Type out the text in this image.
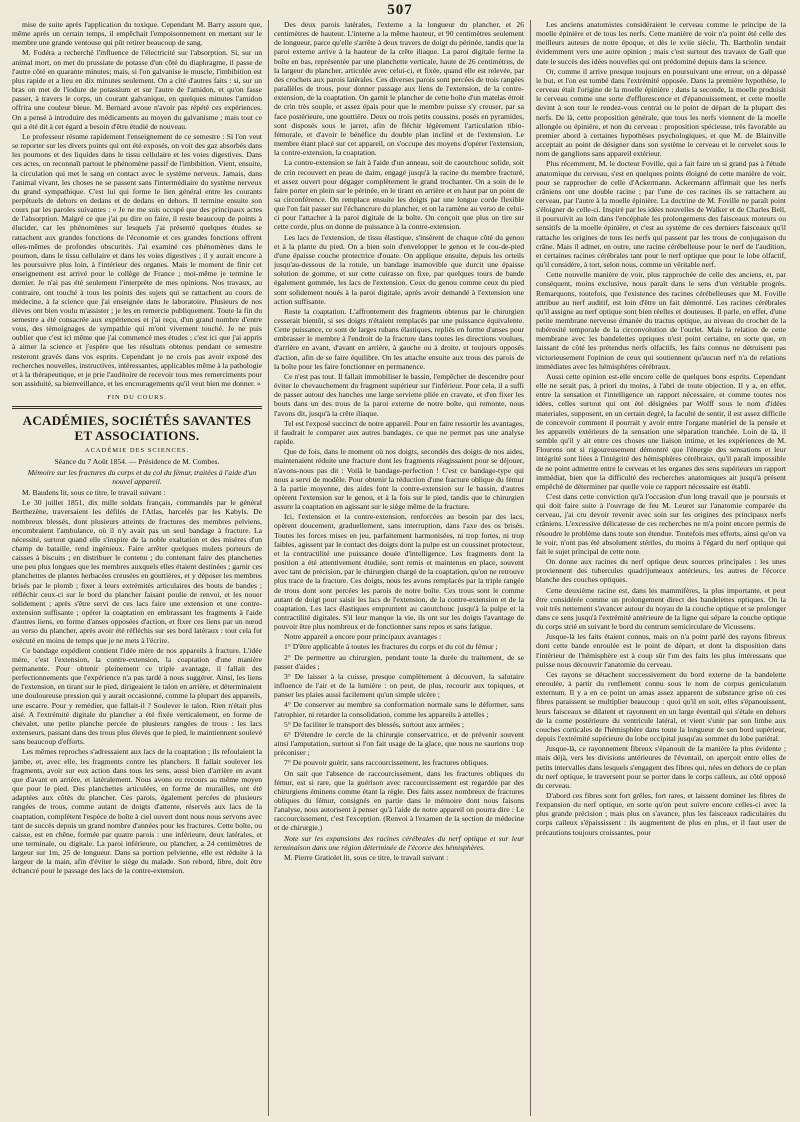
507

mise de suite après l'application du toxique. Cependant M. Barry assure que, même après un certain temps, il empêchait l'empoisonnement en mettant sur le membre une grande ventouse qui pût retirer beaucoup de sang.

M. Fodéra a recherché l'influence de l'électricité sur l'absorption. Si, sur un animal mort, on met du prussiate de potasse d'un côté du diaphragme, il passe de l'autre côté en quarante minutes; mais, si l'on galvanise le muscle, l'imbibition est plus rapide et a lieu en dix minutes seulement. On a cité d'autres faits : si, sur un bras on met de l'iodure de potassium et sur l'autre de l'amidon, et qu'on fasse passer, à travers le corps, un courant galvanique, en quelques minutes l'amidon offrira une couleur bleue. M. Bernard avoue n'avoir pas répété ces expériences. On a pensé à introduire des médicaments au moyen du galvanisme ; mais tout ce qui a été dit à cet égard a besoin d'être étudié de nouveau.

Le professeur résume rapidement l'enseignement de ce semestre : Si l'on veut se reporter sur les divers points qui ont été exposés, on voit des gaz absorbés dans les poumons et des liquides dans le tissu cellulaire et les voies digestives. Dans ces actes, on reconnaît partout le phénomène passif de l'imbibition. Vient, ensuite, la circulation qui met le sang en contact avec le système nerveux. Jamais, dans l'animal vivant, les choses ne se passent sans l'intermédiaire du système nerveux du grand sympathique. C'est lui qui forme le lien général entre les courants perpétuels de dehors en dedans et de dedans en dehors. Il termine ensuite son cours par les paroles suivantes : « Je ne me suis occupé que des principaux actes de l'absorption. Malgré ce que j'ai pu dire ou faire, il reste beaucoup de points à élucider, car les phénomènes sur lesquels j'ai présenté quelques études se rattachent aux grandes fonctions de l'économie et ces grandes fonctions offrent elles-mêmes de profondes obscurités. J'ai examiné ces phénomènes dans le poumon, dans le tissu cellulaire et dans les voies digestives ; il y aurait encore à les poursuivre plus loin, à l'intérieur des organes. Mais le moment de finir cet enseignement est arrivé pour le collège de France ; moi-même je termine le dernier. Je n'ai pas été seulement l'interprète de mes opinions. Nos travaux, au contraire, ont touché à tous les points des sujets qui se rattachent au cours de médecine, à la science que j'ai enseignée dans le laboratoire. Plusieurs de nos élèves ont bien voulu m'assister ; je les en remercie publiquement. Toute la fin du semestre a été consacrée aux expériences et j'ai reçu, d'un grand nombre d'entre vous, des témoignages de sympathie qui m'ont vivement touché. Je ne puis oublier que c'est ici même que j'ai commencé mes études ; c'est ici que j'ai appris à aimer la science et j'espère que les résultats obtenus pendant ce semestre resteront gravés dans vos esprits. Cependant je ne crois pas avoir exposé des recherches nouvelles, instructives, intéressantes, applicables même à la pathologie et à la thérapeutique, et je prie l'auditoire de recevoir tous mes remerciments pour son assiduité, sa bienveillance, et les encouragements qu'il veut bien me donner. »

FIN DU COURS.

ACADÉMIES, SOCIÉTÉS SAVANTES ET ASSOCIATIONS.

ACADÉMIE DES SCIENCES.

Séance du 7 Août 1854. — Présidence de M. Combes.

Mémoire sur les fractures du corps et du col du fémur, traitées à l'aide d'un nouvel appareil.

M. Baudens lit, sous ce titre, le travail suivant :

Le 30 juillet 1851, dix mille soldats français, commandés par le général Berthezène, traversaient les défilés de l'Atlas, harcelés par les Kabyls. De nombreux blessés, dont plusieurs atteints de fractures des membres pelviens, encombraient l'ambulance, où il n'y avait pas un seul bandage à fracture. La nécessité, surtout quand elle s'inspire de la noble exaltation et des misères d'un champ de bataille, rend ingénieux. Faire arrêter quelques mulets porteurs de caisses à biscuits ; en distribuer le contenu ; du contenant faire des planchettes une peu plus longues que les membres auxquels elles étaient destinées ; garnir ces planchettes de plantes herbacées creusées en gouttières, et y déposer les membres brisés par le plomb ; fixer à leurs extrémités articulaires des bouts de bandes ; réfléchir ceux-ci sur le bord du plancher faisant poulie de renvoi, et les nouer solidement ; après s'être servi de ces lacs faire une extension et une contre-extension suffisante ; opérer la coaptation en embrassant les fragments à l'aide d'autres liens, en forme d'anses opposées d'action, et fixer ces liens par un nœud au verso du plancher, après avoir été réfléchis sur ses bord latéraux : tout cela fut exécuté en moins de temps que je ne mets à l'écrire.

Ce bandage expédient contient l'idée mère de nos appareils à fracture. L'idée mère, c'est l'extension, la contre-extension, la coaptation d'une manière permanente. Pour obtenir pleinement ce triple avantage, il fallait des perfectionnements que l'expérience n'a pas tardé à nous suggérer. Ainsi, les liens de l'extension, en tirant sur le pied, dirigeaient le talon en arrière, et déterminaient une douloureuse pression qui y aurait occasionné, comme la plupart des appareils, une escarre. Pour y remédier, que fallait-il ? Soulever le talon. Rien n'était plus aisé. A l'extrémité digitale du plancher a été fixée verticalement, en forme de chevalet, une petite planche percée de plusieurs rangées de trous : les lacs extenseurs, passant dans des trous plus élevés que le pied, le maintiennent soulevé sans beaucoup d'efforts.

Les mêmes reproches s'adressaient aux lacs de la coaptation ; ils refoulaient la jambe, et, avec elle, les fragments contre les planchers. Il fallait soulever les fragments, avoir sur eux action dans tous les sens, aussi bien d'arrière en avant que d'avant en arrière, et latéralement. Nous avons eu recours au même moyen que pour le pied. Des planchettes articulées, en forme de murailles, ont été adaptées aux côtés du plancher. Ces parois, également percées de plusieurs rangées de trous, comme autant de doigts d'attente, réservés aux lacs de la coaptation, complètent l'espèce de boîte à ciel ouvert dont nous nous servons avec tant de succès depuis un grand nombre d'années pour les fractures. Cette boîte, ou caisse, est en chêne, formée par quatre parois : une inférieure, deux latérales, et une terminale, ou digitale. La paroi inférieure, ou plancher, a 24 centimètres de largeur sur 1m, 25 de longueur. Dans sa portion pelvienne, elle est réduite à la largeur de la main, afin d'éviter le siège du malade. Son rebord, libre, doit être échancré pour le passage des lacs de la contre-extension.

Des deux parois latérales, l'externe a la longueur du plancher, et 26 centimètres de hauteur. L'interne a la même hauteur, et 90 centimètres seulement de longueur, parce qu'elle s'arrête à deux travers de doigt du périnée, tandis que la paroi externe arrive à la hauteur de la crête iliaque. La paroi digitale ferme la boîte en bas, représentée par une planchette verticale, haute de 26 centimètres, de la largeur du plancher, articulée avec celui-ci, et fixée, quand elle est relevée, par des crochets aux parois latérales. Ces diverses parois sont percées de trois rangées parallèles de trous, pour donner passage aux liens de l'extension, de la contre-extension, de la coaptation. On garnit le plancher de cette boîte d'un matelas étroit de crin très souple, et assez épais pour que le membre puisse s'y creuser, par sa face postérieure, une gouttière. Deux ou trois petits coussins, posés en pyramides, sont disposés sous le jarret, afin de fléchir légèrement l'articulation tibio-fémorale, et d'avoir le bénéfice du double plan incliné et de l'extension. Le membre étant placé sur cet appareil, on s'occupe des moyens d'opérer l'extension, la contre-extension, la coaptation.

La contre-extension se fait à l'aide d'un anneau, soit de caoutchouc solide, soit de crin recouvert en peau de daim, engagé jusqu'à la racine du membre fracturé, et assez ouvert pour dégager complètement le grand trochanter. On a soin de le faire porter en plein sur le périnée, en le tirant en arrière et en haut par un point de sa circonférence. On remplace ensuite les doigts par une longue corde flexible que l'on fait passer sur l'échancrure du plancher, et on la ramène au verso de celui-ci pour l'attacher à la paroi digitale de la boîte. On conçoit que plus on tire sur cette corde, plus on donne de puissance à la contre-extension.

Les lacs de l'extension, de tissu élastique, s'insèrent de chaque côté du genou et à la plante du pied. On a bien soin d'envelopper le genou et le cou-de-pied d'une épaisse couche protectrice d'ouate. On applique ensuite, depuis les orteils jusqu'au-dessous de la rotule, un bandage inamovible que durcit une épaisse solution de gomme, et sur cette cuirasse on fixe, par quelques tours de bande également gommée, les lacs de l'extension. Ceux du genou comme ceux du pied sont solidement noués à la paroi digitale, après avoir demandé à l'extension une action suffisante.

Reste la coaptation. L'affrontement des fragments obtenus par le chirurgien cesserait bientôt, si ses doigts n'étaient remplacés par une puissance équivalente. Cette puissance, ce sont de larges rubans élastiques, repliés en forme d'anses pour embrasser le membre à l'endroit de la fracture dans toutes les directions voulues, d'arrière en avant, d'avant en arrière, à gauche ou à droite, et toujours opposés d'action, afin de se faire équilibre. On les attache ensuite aux trous des parois de la boîte pour les faire fonctionner en permanence.

Ce n'est pas tout. Il fallait immobiliser le bassin, l'empêcher de descendre pour éviter le chevauchement du fragment supérieur sur l'inférieur. Pour cela, il a suffi de passer autour des hanches une large serviette pliée en cravate, et d'en fixer les bouts dans un des trous de la paroi externe de notre boîte, qui remonte, nous l'avons dit, jusqu'à la crête iliaque.

Tel est l'exposé succinct de notre appareil. Pour en faire ressortir les avantages, il faudrait le comparer aux autres bandages, ce que ne permet pas une analyse rapide.

Que de fois, dans le moment où nos doigts, secondés des doigts de nos aides, maintenaient réduite une fracture dont les fragments réagissaient pour se déjouer, n'avons-nous pas dit : Voilà le bandage-perfection ! C'est ce bandage-type qui nous a servi de modèle. Pour obtenir la réduction d'une fracture oblique du fémur à la partie moyenne, des aides font la contre-extension sur le bassin, d'autres opèrent l'extension sur le genou, et à la fois sur le pied, tandis que le chirurgien assure la coaptation en agissant sur le siège même de la fracture.

Ici, l'extension et la contre-extension, renforcées au besoin par des lacs, opèrent doucement, graduellement, sans interruption, dans l'axe des os brisés. Toutes les forces mises en jeu, parfaitement harmonisées, ni trop fortes, ni trop faibles, agissent par le contact des doigts dont la pulpe est un coussinet protecteur, et la contractilité une puissance douée d'intelligence. Les fragments dont la position a été attentivement étudiée, sont remis et maintenus en place, souvent avec tant de précision, par le chirurgien chargé de la coaptation, qu'on ne retrouve plus trace de la fracture. Ces doigts, nous les avons remplacés par la triple rangée de trous dont sont percées les parois de notre boîte. Ces trous sont le comme autant de doigt pour saisir les lacs de l'extension, de la contre-extension et de la coaptation. Les lacs élastiques empruntent au caoutchouc jusqu'à la pulpe et la contractilité digitales. S'il leur manque la vie, ils ont sur les doigts l'avantage de pouvoir être plus nombreux et de fonctionner sans repos et sans fatigue.

Notre appareil a encore pour principaux avantages :

1° D'être applicable à toutes les fractures du corps et du col du fémur ;

2° De permettre au chirurgien, pendant toute la durée du traitement, de se passer d'aides ;

3° De laisser à la cuisse, presque complètement à découvert, la salutaire influence de l'air et de la lumière : on peut, de plus, recourir aux topiques, et panser les plaies aussi facilement qu'un simple ulcère ;

4° De conserver au membre sa conformation normale sans le déformer, sans l'atrophier, ni retarder la consolidation, comme les appareils à attelles ;

5° De faciliter le transport des blessés, surtout aux armées ;

6° D'étendre le cercle de la chirurgie conservatrice, et de prévenir souvent ainsi l'amputation, surtout si l'on fait usage de la glace, que nous ne saurions trop préconiser ;

7° De pouvoir guérir, sans raccourcissement, les fractures obliques.

On sait que l'absence de raccourcissement, dans les fractures obliques du fémur, est si rare, que la guérison avec raccourcissement est regardée par des chirurgiens éminens comme étant la règle. Des faits assez nombreux de fractures obliques du fémur, consignés en partie dans le mémoire dont nous faisons l'analyse, nous autorisent à penser qu'à l'aide de notre appareil on pourra dire : Le raccourcissement, c'est l'exception. (Renvoi à l'examen de la section de médecine et de chirurgie.)

Note sur les expansions des racines cérébrales du nerf optique et sur leur terminaison dans une région déterminée de l'écorce des hémisphères.

M. Pierre Gratiolet lit, sous ce titre, le travail suivant :

Les anciens anatomistes considéraient le cerveau comme le principe de la moelle épinière et de tous les nerfs. Cette manière de voir n'a point été celle des meilleurs auteurs de notre époque, et dès le xviie siècle, Th. Bartholin tendait évidemment vers une autre opinion ; mais c'est surtout des travaux de Gall que date le succès des idées nouvelles qui ont prédominé depuis dans la science.

Or, comme il arrive presque toujours en poursuivant une erreur, on a dépassé le but, et l'on est tombé dans l'extrémité opposée. Dans la première hypothèse, le cerveau était l'origine de la moelle épinière ; dans la seconde, la moelle produisit le cerveau comme une sorte d'efflorescence et d'épanouissement, et cette moelle devint à son tour le rendez-vous central ou le point de départ de la plupart des nerfs. De là, cette proposition générale, que tous les nerfs viennent de la moelle allongée ou épinière, et non du cerveau : proposition spécieuse, très favorable au premier abord à certaines hypothèses psychologiques, et que M. de Blainville acceptait au point de désigner dans son système le cerveau et le cervelet sous le nom de ganglions sans appareil extérieur.

Plus récemment, M. le docteur Foville, qui a fait faire un si grand pas à l'étude anatomique du cerveau, s'est en quelques points éloigné de cette manière de voir, pour se rapprocher de celle d'Ackermann. Ackermann affirmait que les nerfs crâniens ont une double racine ; par l'une de ces racines ils se rattachent au cerveau, par l'autre à la moelle épinière. La doctrine de M. Foville ne paraît point s'éloigner de celle-ci. Inspiré par les idées nouvelles de Walker et de Charles Bell, il poursuivit au loin dans l'encéphale les prolongemens des faisceaux moteurs ou sensitifs de la moelle épinière, et c'est au système de ces derniers faisceaux qu'il rattache les origines de tous les nerfs qui passent par les trous de conjugaison du crâne. Mais il admet, en outre, une racine cérébelleuse pour le nerf de l'audition, et certaines racines cérébrales tant pour le nerf optique que pour le lobe olfactif, qu'il considère, à tort, selon nous, comme un véritable nerf.

Cette nouvelle manière de voir, plus rapprochée de celle des anciens, et, par conséquent, moins exclusive, nous paraît dans le sens d'un véritable progrès. Remarquons, toutefois, que l'existence des racines cérébelleuses que M. Foville attribue au nerf auditif, est loin d'être un fait démontré. Les racines cérébrales qu'il assigne au nerf optique sont bien réelles et douteuses. Il parle, en effet, d'une petite membrane nerveuse émanée du tractus optique, au niveau du crochet de la tubérosité temporale de la circonvolution de l'ourlet. Mais la relation de cette membrane avec les bandelettes optiques n'est point certaine, en sorte que, en laissant de côté les prétendus nerfs olfactifs, les faits connus ne détruisent pas victorieusement l'opinion de ceux qui soutiennent qu'aucun nerf n'a de relations immédiates avec les hémisphères cérébraux.

Aussi cette opinion est-elle encore celle de quelques bons esprits. Cependant elle ne serait pas, à priori du moins, à l'abri de toute objection. Il y a, en effet, entre la sensation et l'intelligence un rapport nécessaire, et comme toutes nos idées, celles surtout qui ont été désignées par Wolff sous le nom d'idées materiales, supposent, en un certain degré, la faculté de sentir, il est assez difficile de concevoir comment il pourrait y avoir entre l'organe matériel de la pensée et les appareils extérieurs de la sensation une séparation tranchée. Loin de là, il semble qu'il y ait entre ces choses une liaison intime, et les expériences de M. Flourens ont si rigoureusement démontré que l'énergie des sensations et leur intégrité sont liées à l'intégrité des hémisphères cérébraux, qu'il paraît impossible de ne point admettre entre le cerveau et les organes des sens supérieurs un rapport immédiat, bien que la difficulté des recherches anatomiques ait jusqu'à présent empêché de déterminer par quelle voie ce rapport nécessaire est établi.

C'est dans cette conviction qu'à l'occasion d'un long travail que je poursuis et qui doit faire suite à l'ouvrage de feu M. Leuret sur l'anatomie comparée du cerveau, j'ai cru devoir revenir avec soin sur les origines des principaux nerfs crâniens. L'excessive délicatesse de ces recherches ne m'a point encore permis de résoudre le problème dans toute son étendue. Toutefois mes efforts, ainsi qu'on va le voir, n'ont pas été absolument stériles, du moins à l'égard du nerf optique qui fait le sujet principal de cette note.

On donne aux racines du nerf optique deux sources principales : les unes proviennent des tubercules quadrijumeaux antérieurs, les autres de l'écorce blanche des couches optiques.

Cette deuxième racine est, dans les mammifères, la plus importante, et peut être considérée comme un prolongement direct des bandelettes optiques. On la voit très nettement s'avancer autour du noyau de la couche optique et se prolonger dans ce sens jusqu'à l'extrémité antérieure de la ligne qui sépare la couche optique du corps strié en suivant le bord du centrum semicirculare de Vicussens.

Jusque-là les faits étaient connus, mais on n'a point parlé des rayons fibreux dont cette bande enroulée est le point de départ, et dont la disposition dans l'intérieur de l'hémisphère est à coup sûr l'un des faits les plus intéressans que puisse nous découvrir l'anatomie du cerveau.

Ces rayons se détachent successivement du bord externe de la bandelette enroulée, à partir du renflement connu sous le nom de corpus geniculatum externum. Il y a en ce point un amas assez apparent de substance grise où ces fibres paraissent se multiplier beaucoup : quoi qu'il en soit, elles s'épanouissent, leurs faisceaux se dilatent et rayonnent en un large éventail qui s'étale en dehors de la corne postérieure du ventricule latéral, et vient s'unir par son limbe aux couches corticales de l'hémisphère dans toute la longueur de son bord supérieur, depuis l'extrémité supérieure du lobe occipital jusqu'au sommet du lobe pariétal.

Jusque-là, ce rayonnement fibreux s'épanouit de la manière la plus évidente ; mais déjà, vers les divisions antérieures de l'éventail, on aperçoit entre elles de petits intervalles dans lesquels s'engagent des fibres qui, nées en dehors de ce plan du nerf optique, le traversent pour se porter dans le corps calleux, au côté opposé du cerveau.

D'abord ces fibres sont fort grêles, fort rares, et laissent dominer les fibres de l'expansion du nerf optique, en sorte qu'on peut suivre encore celles-ci avec la plus grande précision ; mais plus on s'avance, plus les faisceaux radiculaires du corps calleux s'épaississent : ils augmentent de plus en plus, et il faut user de précautions toujours croissantes, pour
